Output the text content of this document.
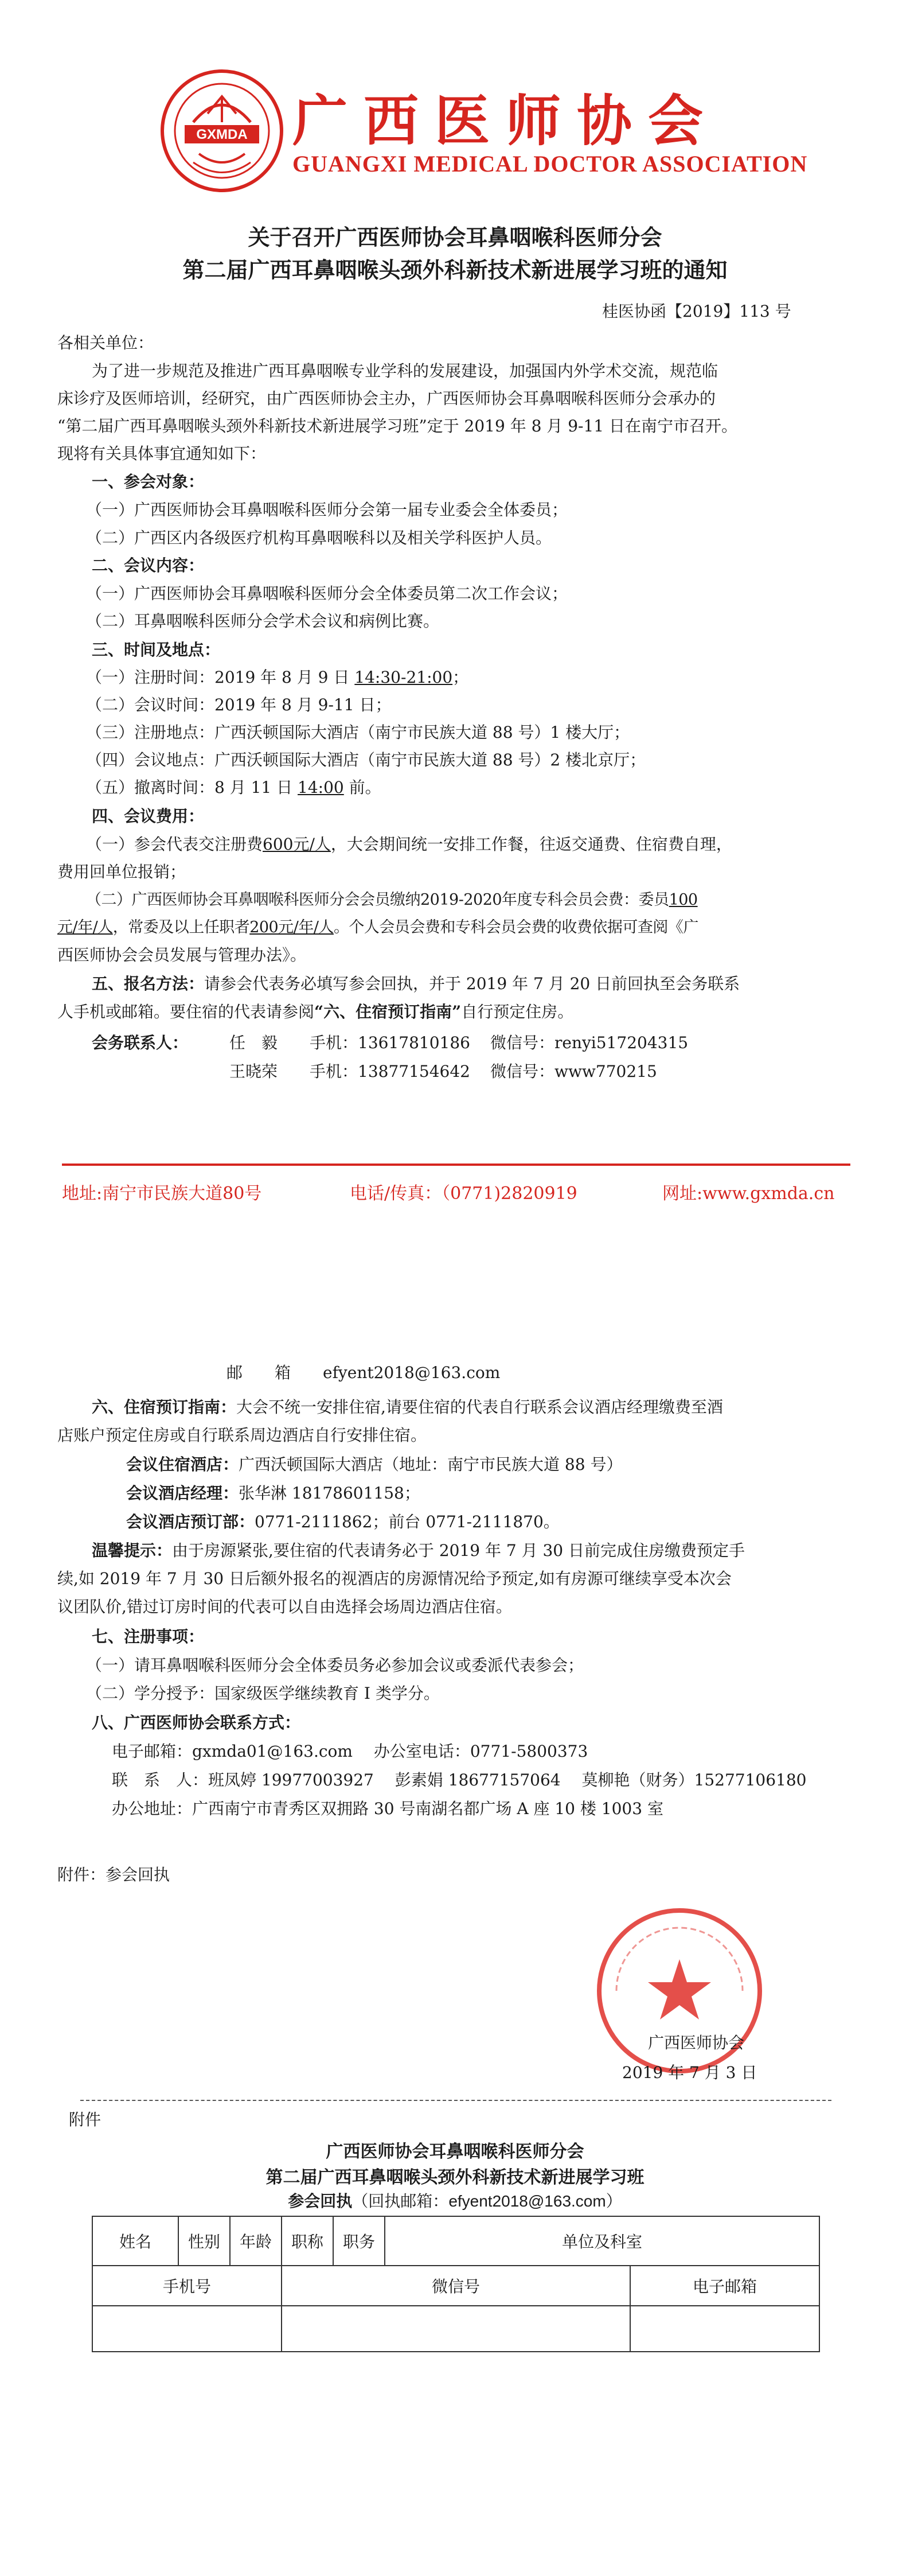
GXMDA 广西医师协会
GUANGXI MEDICAL DOCTOR ASSOCIATION
关于召开广西医师协会耳鼻咽喉科医师分会
第二届广西耳鼻咽喉头颈外科新技术新进展学习班的通知
桂医协函【2019】113 号
各相关单位：
为了进一步规范及推进广西耳鼻咽喉专业学科的发展建设，加强国内外学术交流，规范临
床诊疗及医师培训，经研究，由广西医师协会主办，广西医师协会耳鼻咽喉科医师分会承办的
“第二届广西耳鼻咽喉头颈外科新技术新进展学习班”定于 2019 年 8 月 9-11 日在南宁市召开。
现将有关具体事宜通知如下：
一、参会对象：
（一）广西医师协会耳鼻咽喉科医师分会第一届专业委会全体委员；
（二）广西区内各级医疗机构耳鼻咽喉科以及相关学科医护人员。
二、会议内容：
（一）广西医师协会耳鼻咽喉科医师分会全体委员第二次工作会议；
（二）耳鼻咽喉科医师分会学术会议和病例比赛。
三、时间及地点：
（一）注册时间：2019 年 8 月 9 日 14:30-21:00；
（二）会议时间：2019 年 8 月 9-11 日；
（三）注册地点：广西沃顿国际大酒店（南宁市民族大道 88 号）1 楼大厅；
（四）会议地点：广西沃顿国际大酒店（南宁市民族大道 88 号）2 楼北京厅；
（五）撤离时间：8 月 11 日 14:00 前。
四、会议费用：
（一）参会代表交注册费600元/人，大会期间统一安排工作餐，往返交通费、住宿费自理，
费用回单位报销；
（二）广西医师协会耳鼻咽喉科医师分会会员缴纳2019-2020年度专科会员会费：委员100
元/年/人，常委及以上任职者200元/年/人。个人会员会费和专科会员会费的收费依据可查阅《广
西医师协会会员发展与管理办法》。
五、报名方法：请参会代表务必填写参会回执，并于 2019 年 7 月 20 日前回执至会务联系
人手机或邮箱。要住宿的代表请参阅“六、住宿预订指南”自行预定住房。
会务联系人：	任　毅	手机：13617810186	微信号：renyi517204315
王晓荣	手机：13877154642	微信号：www770215
地址:南宁市民族大道80号	电话/传真：（0771)2820919	网址:www.gxmda.cn
邮　　箱　　efyent2018@163.com
六、住宿预订指南：大会不统一安排住宿,请要住宿的代表自行联系会议酒店经理缴费至酒
店账户预定住房或自行联系周边酒店自行安排住宿。
会议住宿酒店：广西沃顿国际大酒店（地址：南宁市民族大道 88 号）
会议酒店经理：张华淋 18178601158；
会议酒店预订部：0771-2111862；前台 0771-2111870。
温馨提示：由于房源紧张,要住宿的代表请务必于 2019 年 7 月 30 日前完成住房缴费预定手
续,如 2019 年 7 月 30 日后额外报名的视酒店的房源情况给予预定,如有房源可继续享受本次会
议团队价,错过订房时间的代表可以自由选择会场周边酒店住宿。
七、注册事项：
（一）请耳鼻咽喉科医师分会全体委员务必参加会议或委派代表参会；
（二）学分授予：国家级医学继续教育 I 类学分。
八、广西医师协会联系方式：
电子邮箱：gxmda01@163.com　 办公室电话：0771-5800373
联　系　人：班凤婷 19977003927　 彭素娟 18677157064　 莫柳艳（财务）15277106180
办公地址：广西南宁市青秀区双拥路 30 号南湖名都广场 A 座 10 楼 1003 室
附件：参会回执
广西医师协会
2019 年 7 月 3 日
附件
广西医师协会耳鼻咽喉科医师分会
第二届广西耳鼻咽喉头颈外科新技术新进展学习班
参会回执（回执邮箱：efyent2018@163.com）
姓名	性别	年龄	职称	职务	单位及科室	
手机号			微信号			电子邮箱
